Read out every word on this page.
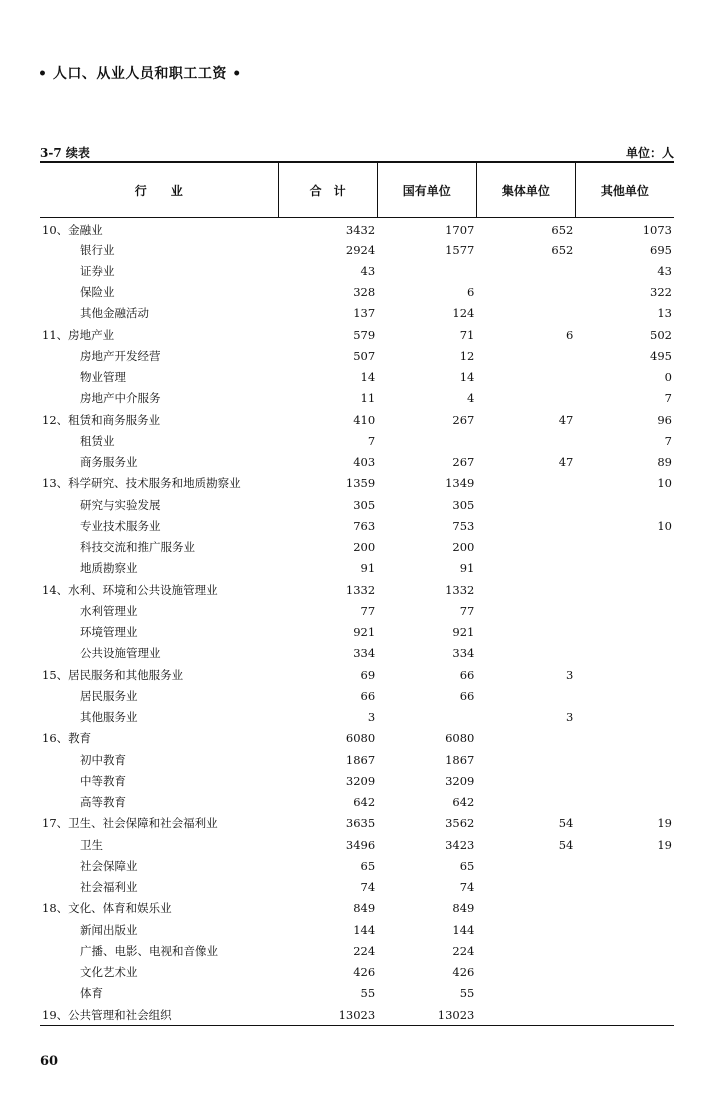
• 人口、从业人员和职工工资 •
3-7 续表	单位：人
行　　业	合　计	国有单位	集体单位	其他单位
10、金融业	3432	1707	652	1073
银行业	2924	1577	652	695
证券业	43			43
保险业	328	6		322
其他金融活动	137	124		13
11、房地产业	579	71	6	502
房地产开发经营	507	12		495
物业管理	14	14		0
房地产中介服务	11	4		7
12、租赁和商务服务业	410	267	47	96
租赁业	7			7
商务服务业	403	267	47	89
13、科学研究、技术服务和地质勘察业	1359	1349		10
研究与实验发展	305	305		
专业技术服务业	763	753		10
科技交流和推广服务业	200	200		
地质勘察业	91	91		
14、水利、环境和公共设施管理业	1332	1332		
水利管理业	77	77		
环境管理业	921	921		
公共设施管理业	334	334		
15、居民服务和其他服务业	69	66	3	
居民服务业	66	66		
其他服务业	3		3	
16、教育	6080	6080		
初中教育	1867	1867		
中等教育	3209	3209		
高等教育	642	642		
17、卫生、社会保障和社会福利业	3635	3562	54	19
卫生	3496	3423	54	19
社会保障业	65	65		
社会福利业	74	74		
18、文化、体育和娱乐业	849	849		
新闻出版业	144	144		
广播、电影、电视和音像业	224	224		
文化艺术业	426	426		
体育	55	55		
19、公共管理和社会组织	13023	13023		
60
